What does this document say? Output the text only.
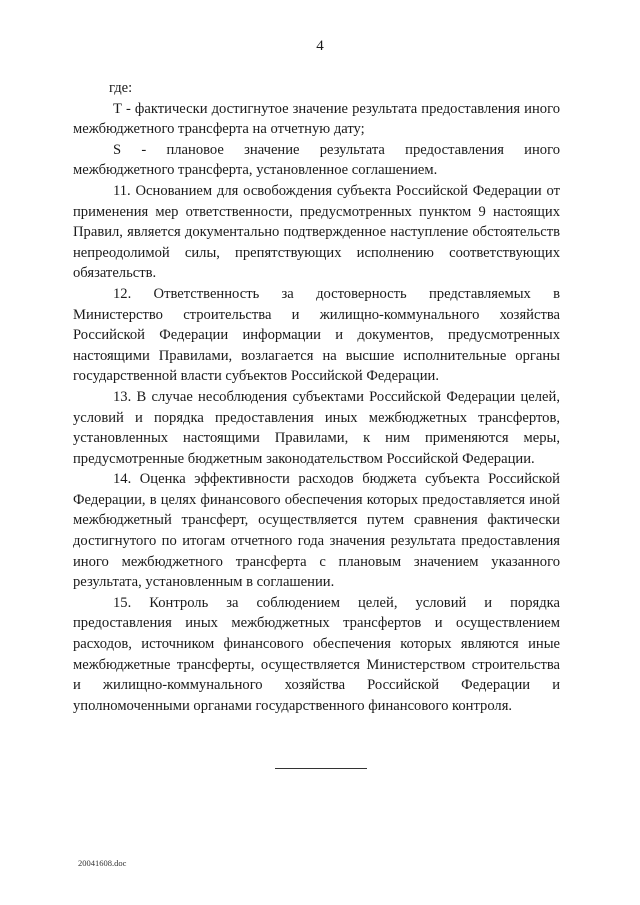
4

где:

Т - фактически достигнутое значение результата предоставления иного межбюджетного трансферта на отчетную дату;

S - плановое значение результата предоставления иного межбюджетного трансферта, установленное соглашением.

11. Основанием для освобождения субъекта Российской Федерации от применения мер ответственности, предусмотренных пунктом 9 настоящих Правил, является документально подтвержденное наступление обстоятельств непреодолимой силы, препятствующих исполнению соответствующих обязательств.

12. Ответственность за достоверность представляемых в Министерство строительства и жилищно-коммунального хозяйства Российской Федерации информации и документов, предусмотренных настоящими Правилами, возлагается на высшие исполнительные органы государственной власти субъектов Российской Федерации.

13. В случае несоблюдения субъектами Российской Федерации целей, условий и порядка предоставления иных межбюджетных трансфертов, установленных настоящими Правилами, к ним применяются меры, предусмотренные бюджетным законодательством Российской Федерации.

14. Оценка эффективности расходов бюджета субъекта Российской Федерации, в целях финансового обеспечения которых предоставляется иной межбюджетный трансферт, осуществляется путем сравнения фактически достигнутого по итогам отчетного года значения результата предоставления иного межбюджетного трансферта с плановым значением указанного результата, установленным в соглашении.

15. Контроль за соблюдением целей, условий и порядка предоставления иных межбюджетных трансфертов и осуществлением расходов, источником финансового обеспечения которых являются иные межбюджетные трансферты, осуществляется Министерством строительства и жилищно-коммунального хозяйства Российской Федерации и уполномоченными органами государственного финансового контроля.

20041608.doc
